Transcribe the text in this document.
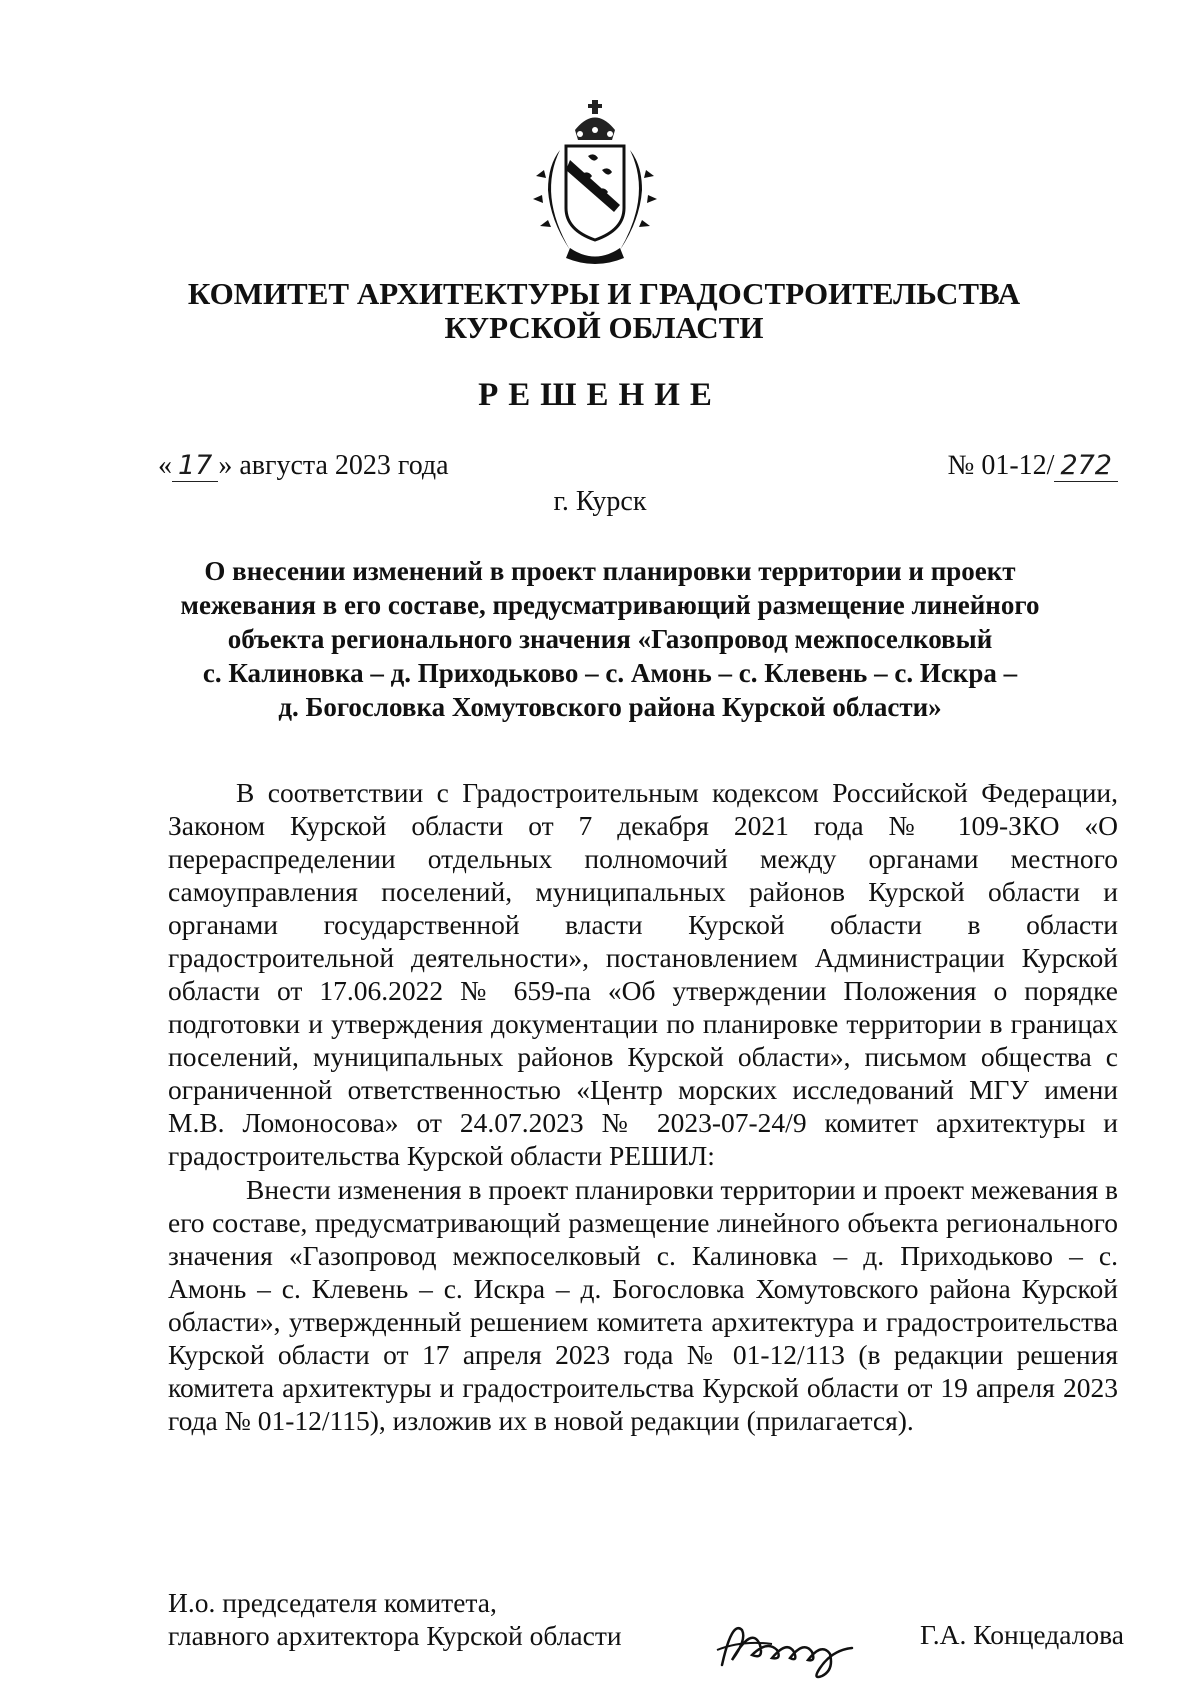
КОМИТЕТ АРХИТЕКТУРЫ И ГРАДОСТРОИТЕЛЬСТВА
КУРСКОЙ ОБЛАСТИ
РЕШЕНИЕ
« 17 » августа 2023 года	№ 01-12/ 272
г. Курск
О внесении изменений в проект планировки территории и проект
межевания в его составе, предусматривающий размещение линейного
объекта регионального значения «Газопровод межпоселковый
с. Калиновка – д. Приходьково – с. Амонь – с. Клевень – с. Искра –
д. Богословка Хомутовского района Курской области»
В соответствии с Градостроительным кодексом Российской Федерации, Законом Курской области от 7 декабря 2021 года № 109-ЗКО «О перераспределении отдельных полномочий между органами местного самоуправления поселений, муниципальных районов Курской области и органами государственной власти Курской области в области градостроительной деятельности», постановлением Администрации Курской области от 17.06.2022 № 659-па «Об утверждении Положения о порядке подготовки и утверждения документации по планировке территории в границах поселений, муниципальных районов Курской области», письмом общества с ограниченной ответственностью «Центр морских исследований МГУ имени М.В. Ломоносова» от 24.07.2023 № 2023-07-24/9 комитет архитектуры и градостроительства Курской области РЕШИЛ:
Внести изменения в проект планировки территории и проект межевания в его составе, предусматривающий размещение линейного объекта регионального значения «Газопровод межпоселковый с. Калиновка – д. Приходьково – с. Амонь – с. Клевень – с. Искра – д. Богословка Хомутовского района Курской области», утвержденный решением комитета архитектура и градостроительства Курской области от 17 апреля 2023 года № 01-12/113 (в редакции решения комитета архитектуры и градостроительства Курской области от 19 апреля 2023 года № 01-12/115), изложив их в новой редакции (прилагается).
И.о. председателя комитета,
главного архитектора Курской области	Г.А. Концедалова
